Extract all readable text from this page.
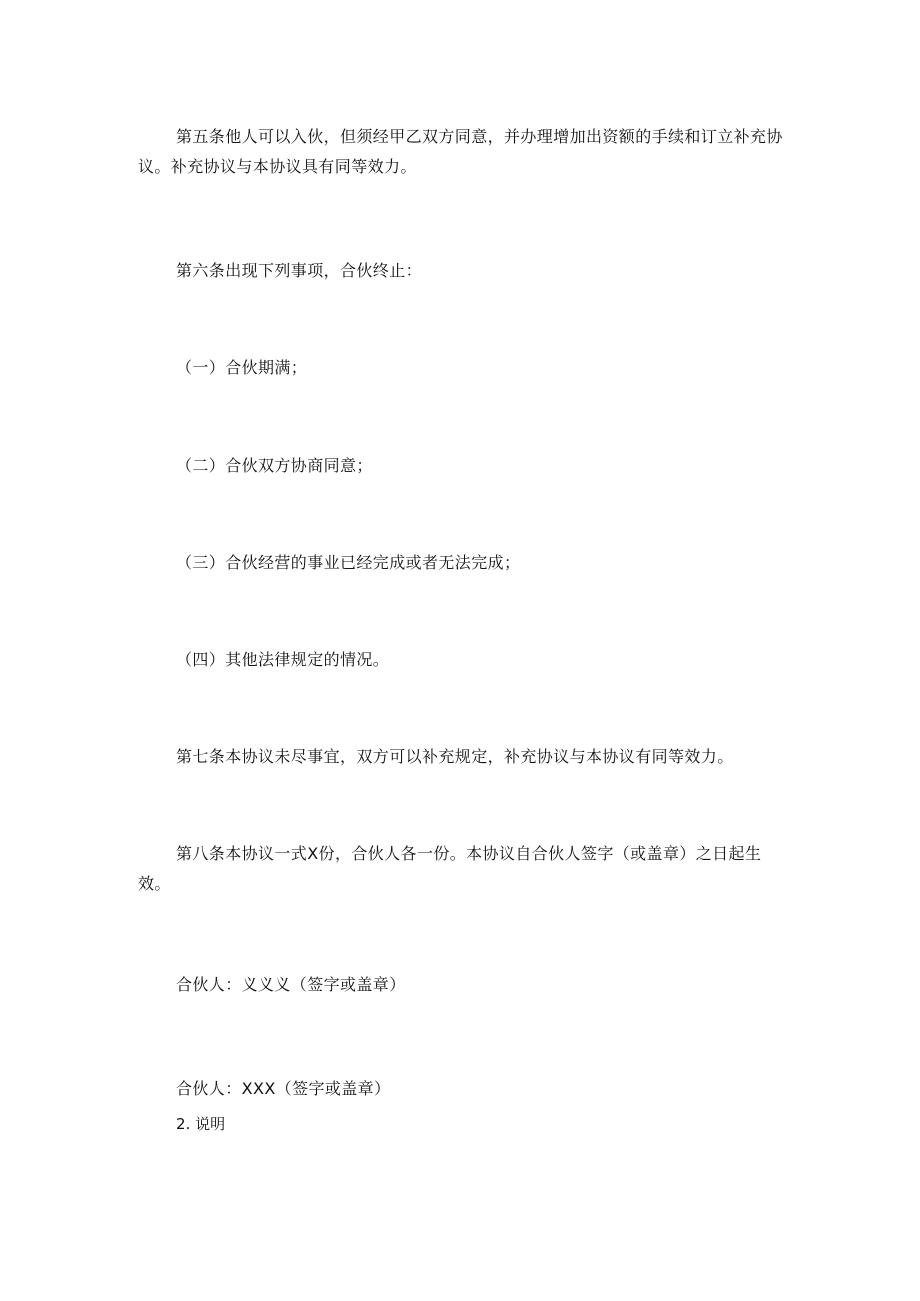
第五条他人可以入伙，但须经甲乙双方同意，并办理增加出资额的手续和订立补充协议。补充协议与本协议具有同等效力。

第六条出现下列事项，合伙终止：

（一）合伙期满；

（二）合伙双方协商同意；

（三）合伙经营的事业已经完成或者无法完成；

（四）其他法律规定的情况。

第七条本协议未尽事宜，双方可以补充规定，补充协议与本协议有同等效力。

第八条本协议一式X份，合伙人各一份。本协议自合伙人签字（或盖章）之日起生效。

合伙人：义义义（签字或盖章）

合伙人：XXX（签字或盖章）

2. 说明
